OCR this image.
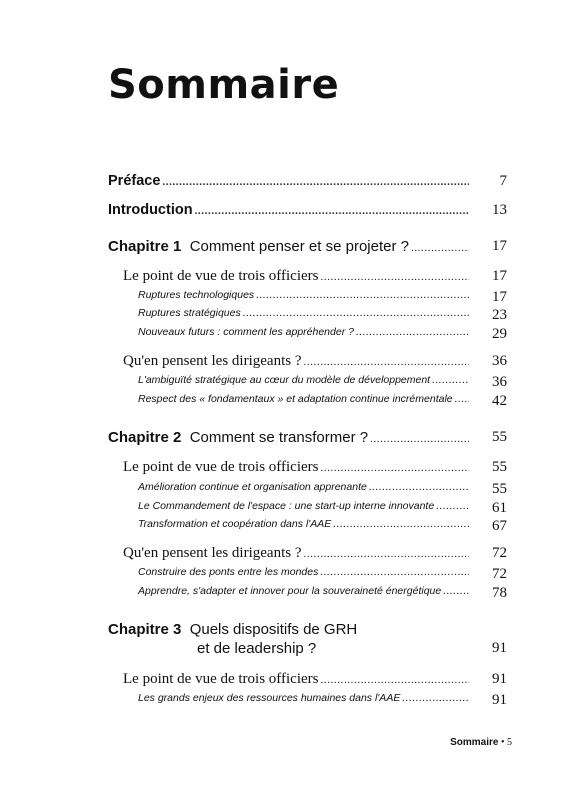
Sommaire
Préface .....	7
Introduction .....	13
Chapitre 1 Comment penser et se projeter ? .....	17
Le point de vue de trois officiers .....	17
Ruptures technologiques .....	17
Ruptures stratégiques .....	23
Nouveaux futurs : comment les appréhender ? .....	29
Qu'en pensent les dirigeants ? .....	36
L'ambiguïté stratégique au cœur du modèle de développement .....	36
Respect des « fondamentaux » et adaptation continue incrémentale .....	42
Chapitre 2 Comment se transformer ? .....	55
Le point de vue de trois officiers .....	55
Amélioration continue et organisation apprenante .....	55
Le Commandement de l'espace : une start-up interne innovante .....	61
Transformation et coopération dans l'AAE .....	67
Qu'en pensent les dirigeants ? .....	72
Construire des ponts entre les mondes .....	72
Apprendre, s'adapter et innover pour la souveraineté énergétique .....	78
Chapitre 3 Quels dispositifs de GRH
et de leadership ?	91
Le point de vue de trois officiers .....	91
Les grands enjeux des ressources humaines dans l'AAE .....	91
Sommaire • 5
